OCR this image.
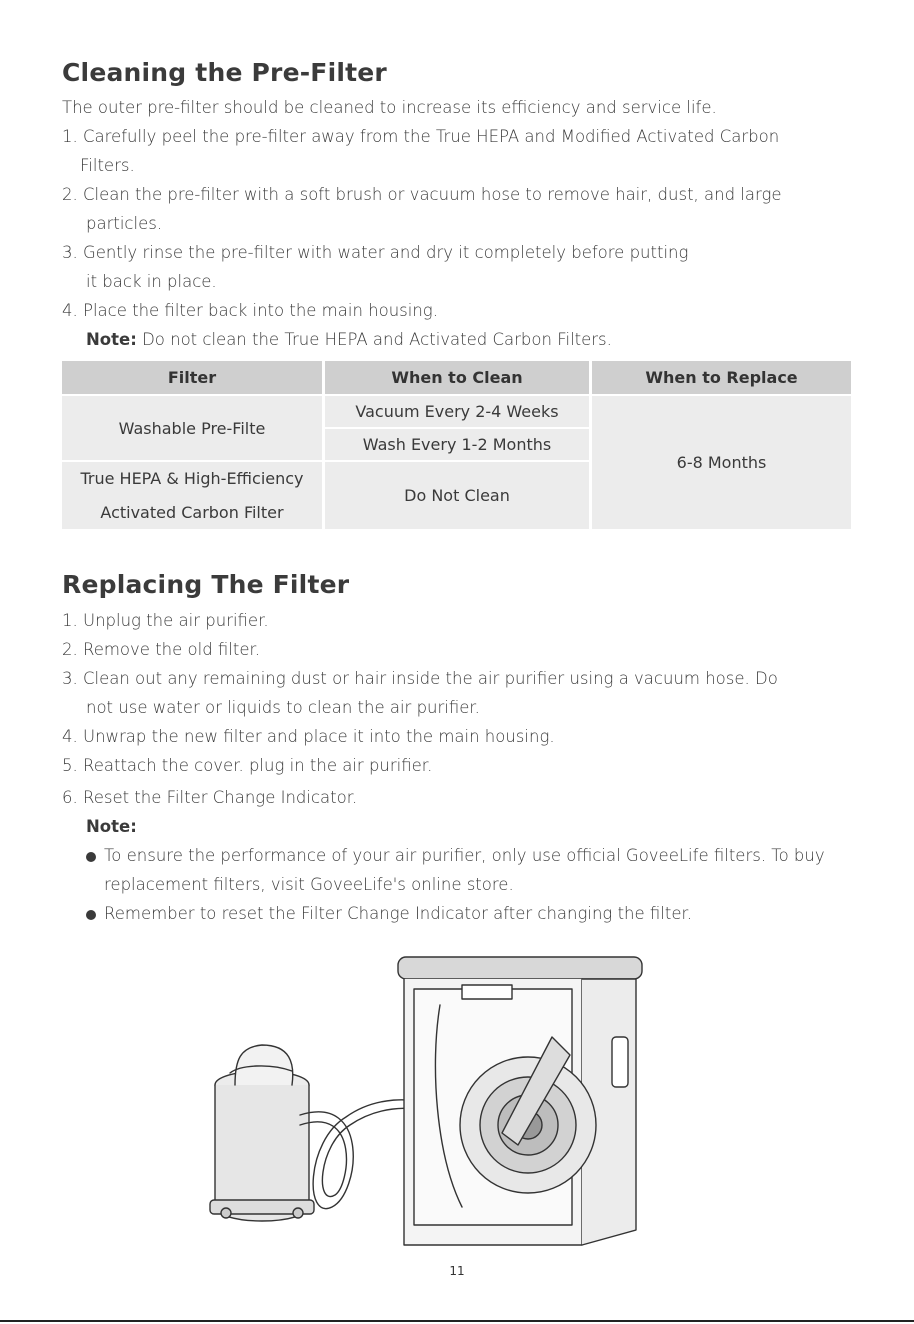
Cleaning the Pre-Filter
The outer pre-filter should be cleaned to increase its efficiency and service life.
1. Carefully peel the pre-filter away from the True HEPA and Modified Activated Carbon
Filters.
2. Clean the pre-filter with a soft brush or vacuum hose to remove hair, dust, and large
particles.
3. Gently rinse the pre-filter with water and dry it completely before putting
it back in place.
4. Place the filter back into the main housing.
Note: Do not clean the True HEPA and Activated Carbon Filters.
Filter	When to Clean	When to Replace
Washable Pre-Filte
Vacuum Every 2-4 Weeks
Wash Every 1-2 Months
True HEPA & High-Efficiency
Activated Carbon Filter
Do Not Clean
6-8 Months
Replacing The Filter
1. Unplug the air purifier.
2. Remove the old filter.
3. Clean out any remaining dust or hair inside the air purifier using a vacuum hose. Do
not use water or liquids to clean the air purifier.
4. Unwrap the new filter and place it into the main housing.
5. Reattach the cover. plug in the air purifier.
6. Reset the Filter Change Indicator.
Note:
To ensure the performance of your air purifier, only use official GoveeLife filters. To buy
replacement filters, visit GoveeLife's online store.
Remember to reset the Filter Change Indicator after changing the filter.
11
